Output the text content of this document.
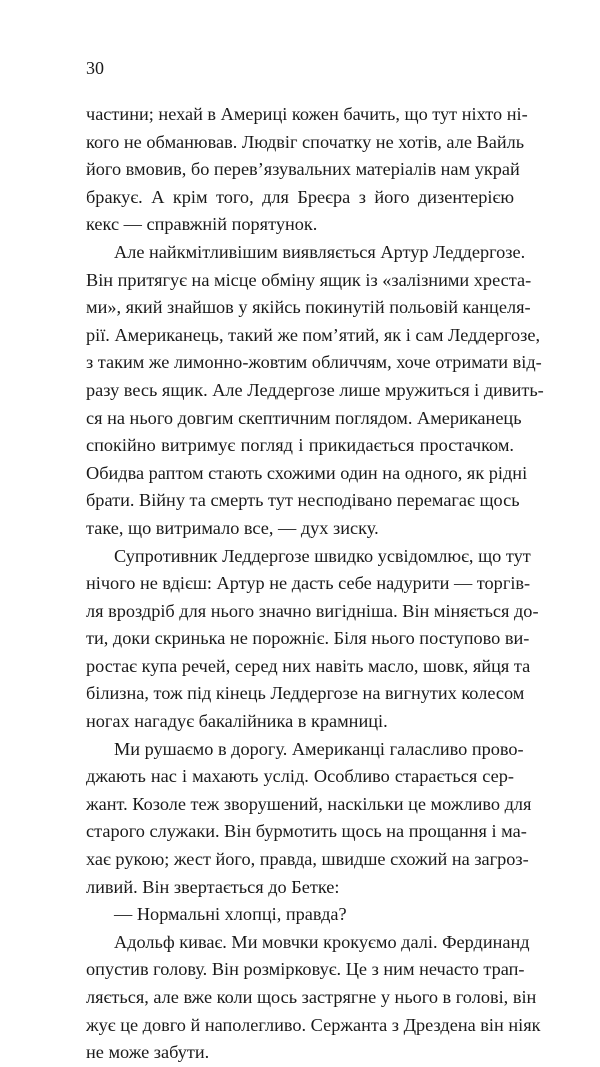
30
частини; нехай в Америці кожен бачить, що тут ніхто ні-
кого не обманював. Людвіг спочатку не хотів, але Вайль
його вмовив, бо перев’язувальних матеріалів нам украй
бракує. А крім того, для Бреєра з його дизентерією
кекс — справжній порятунок.
Але найкмітливішим виявляється Артур Леддергозе.
Він притягує на місце обміну ящик із «залізними хреста-
ми», який знайшов у якійсь покинутій польовій канцеля-
рії. Американець, такий же пом’ятий, як і сам Леддергозе,
з таким же лимонно-жовтим обличчям, хоче отримати від-
разу весь ящик. Але Леддергозе лише мружиться і дивить-
ся на нього довгим скептичним поглядом. Американець
спокійно витримує погляд і прикидається простачком.
Обидва раптом стають схожими один на одного, як рідні
брати. Війну та смерть тут несподівано перемагає щось
таке, що витримало все, — дух зиску.
Супротивник Леддергозе швидко усвідомлює, що тут
нічого не вдієш: Артур не дасть себе надурити — торгів-
ля вроздріб для нього значно вигідніша. Він міняється до-
ти, доки скринька не порожніє. Біля нього поступово ви-
ростає купа речей, серед них навіть масло, шовк, яйця та
білизна, тож під кінець Леддергозе на вигнутих колесом
ногах нагадує бакалійника в крамниці.
Ми рушаємо в дорогу. Американці галасливо прово-
джають нас і махають услід. Особливо старається сер-
жант. Козоле теж зворушений, наскільки це можливо для
старого служаки. Він бурмотить щось на прощання і ма-
хає рукою; жест його, правда, швидше схожий на загроз-
ливий. Він звертається до Бетке:
— Нормальні хлопці, правда?
Адольф киває. Ми мовчки крокуємо далі. Фердинанд
опустив голову. Він розмірковує. Це з ним нечасто трап-
ляється, але вже коли щось застрягне у нього в голові, він
жує це довго й наполегливо. Сержанта з Дрездена він ніяк
не може забути.
